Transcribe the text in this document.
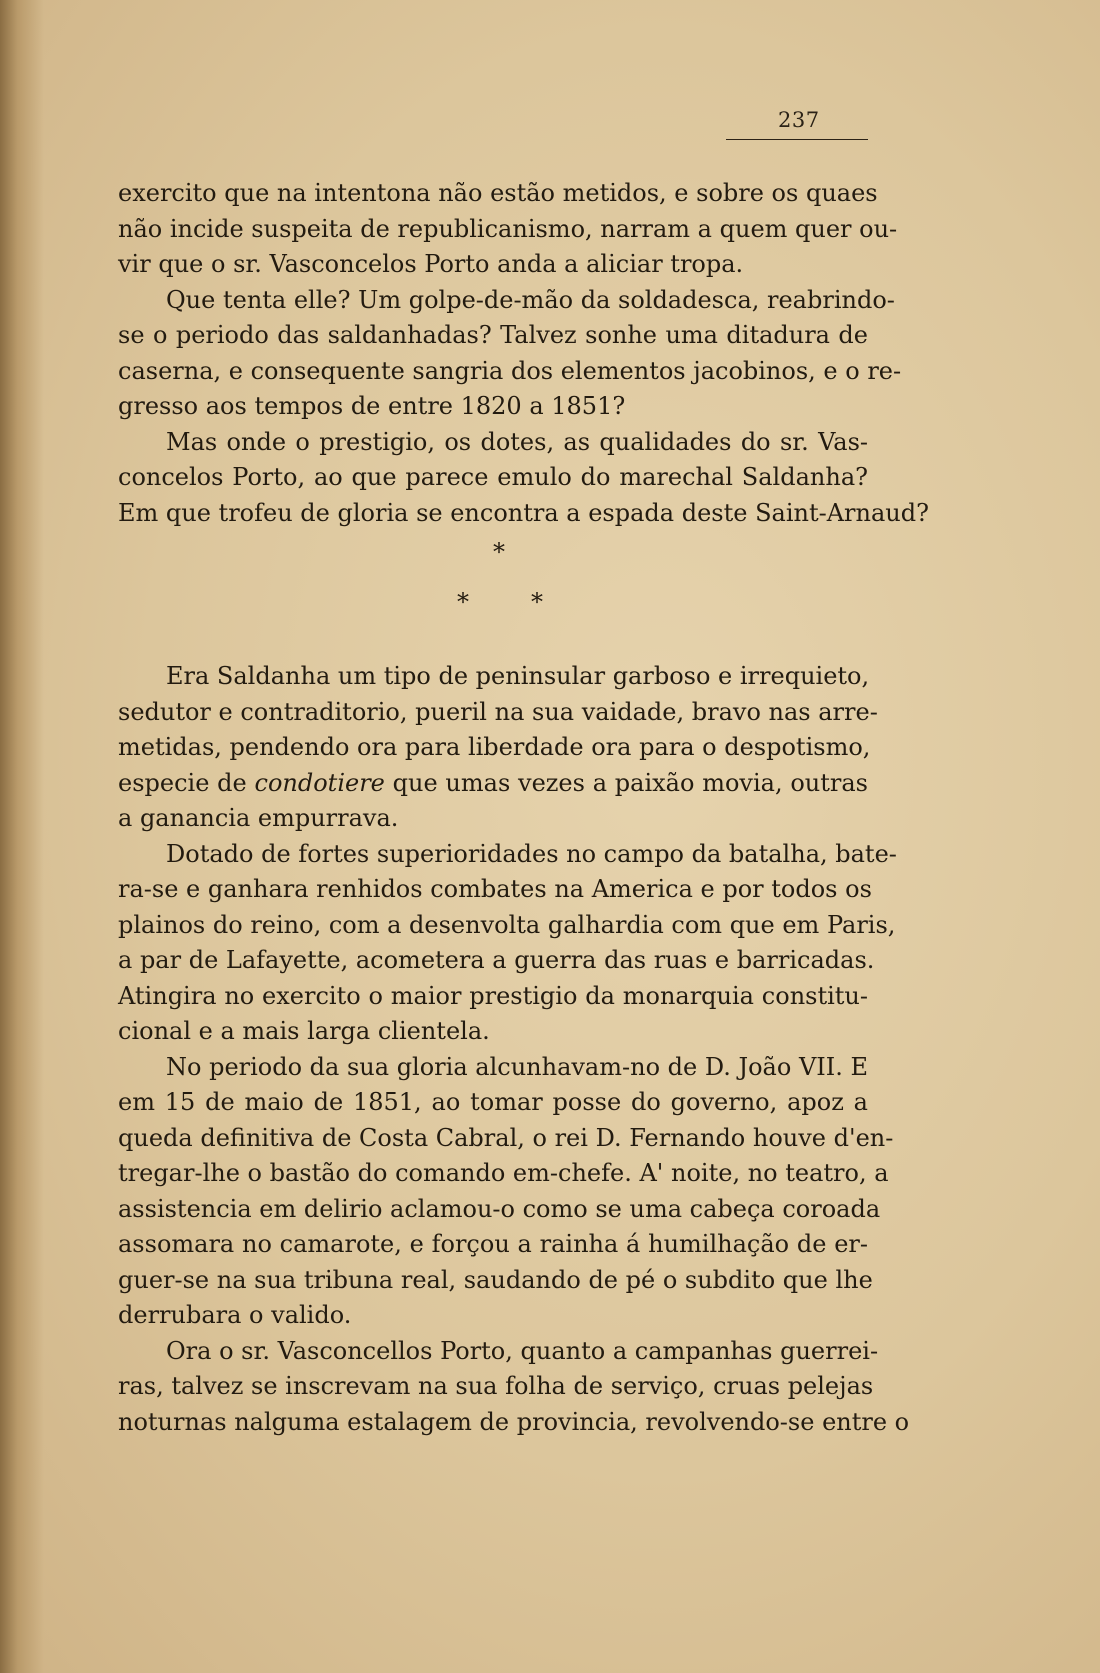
237
exercito que na intentona não estão metidos, e sobre os quaes
não incide suspeita de republicanismo, narram a quem quer ou-
vir que o sr. Vasconcelos Porto anda a aliciar tropa.
Que tenta elle? Um golpe-de-mão da soldadesca, reabrindo-
se o periodo das saldanhadas? Talvez sonhe uma ditadura de
caserna, e consequente sangria dos elementos jacobinos, e o re-
gresso aos tempos de entre 1820 a 1851?
Mas onde o prestigio, os dotes, as qualidades do sr. Vas-
concelos Porto, ao que parece emulo do marechal Saldanha?
Em que trofeu de gloria se encontra a espada deste Saint-Arnaud?
*
*	*
Era Saldanha um tipo de peninsular garboso e irrequieto,
sedutor e contraditorio, pueril na sua vaidade, bravo nas arre-
metidas, pendendo ora para liberdade ora para o despotismo,
especie de condotiere que umas vezes a paixão movia, outras
a ganancia empurrava.
Dotado de fortes superioridades no campo da batalha, bate-
ra-se e ganhara renhidos combates na America e por todos os
plainos do reino, com a desenvolta galhardia com que em Paris,
a par de Lafayette, acometera a guerra das ruas e barricadas.
Atingira no exercito o maior prestigio da monarquia constitu-
cional e a mais larga clientela.
No periodo da sua gloria alcunhavam-no de D. João VII. E
em 15 de maio de 1851, ao tomar posse do governo, apoz a
queda definitiva de Costa Cabral, o rei D. Fernando houve d'en-
tregar-lhe o bastão do comando em-chefe. A' noite, no teatro, a
assistencia em delirio aclamou-o como se uma cabeça coroada
assomara no camarote, e forçou a rainha á humilhação de er-
guer-se na sua tribuna real, saudando de pé o subdito que lhe
derrubara o valido.
Ora o sr. Vasconcellos Porto, quanto a campanhas guerrei-
ras, talvez se inscrevam na sua folha de serviço, cruas pelejas
noturnas nalguma estalagem de provincia, revolvendo-se entre o
